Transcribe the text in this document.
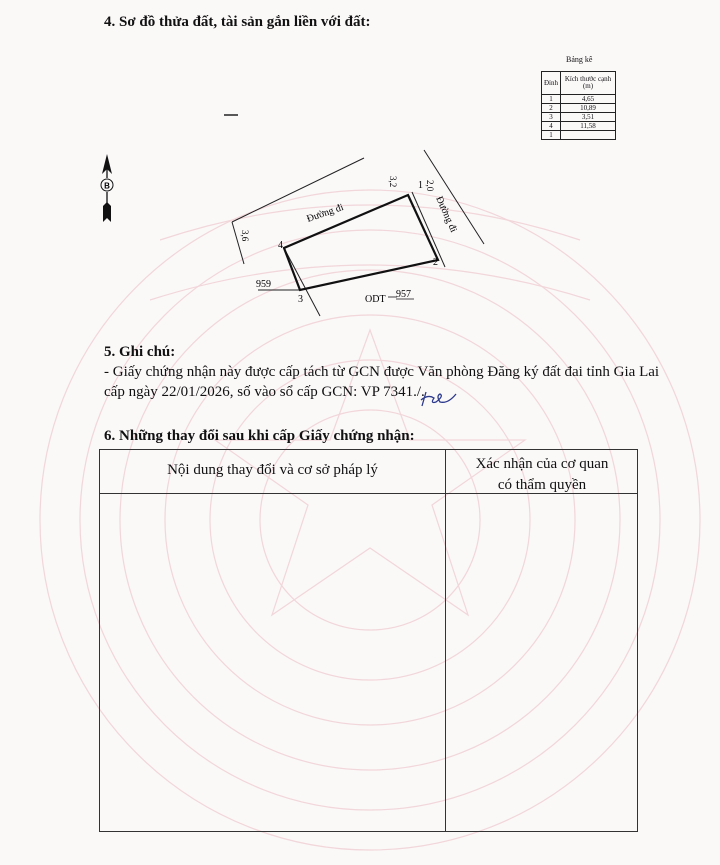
4. Sơ đồ thửa đất, tài sản gắn liền với đất:
Bảng kê
Đỉnh	Kích thước cạnh (m)
1	4,65
2	10,89
3	3,51
4	11,58
1	
B	1
2
3
4
Đường đi	Đường đi
3,2	2,0
3,6
959
ODT 957
5. Ghi chú:
- Giấy chứng nhận này được cấp tách từ GCN được Văn phòng Đăng ký đất đai tỉnh Gia Lai
cấp ngày 22/01/2026, số vào sổ cấp GCN: VP 7341./.
6. Những thay đổi sau khi cấp Giấy chứng nhận:
Nội dung thay đổi và cơ sở pháp lý	Xác nhận của cơ quan
có thẩm quyền
